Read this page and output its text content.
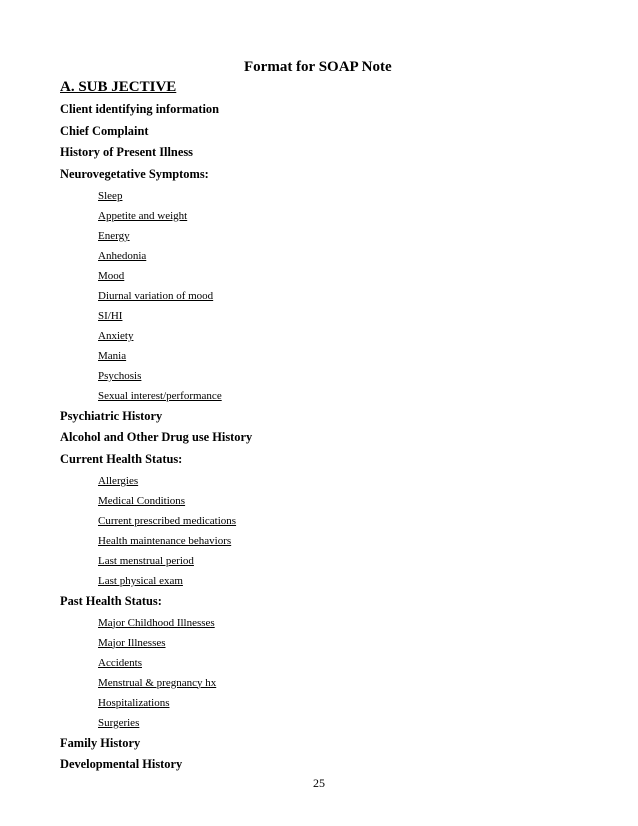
Format for SOAP Note
A. SUB JECTIVE
Client identifying information
Chief Complaint
History of Present Illness
Neurovegetative Symptoms:
Sleep
Appetite and weight
Energy
Anhedonia
Mood
Diurnal variation of mood
SI/HI
Anxiety
Mania
Psychosis
Sexual interest/performance
Psychiatric History
Alcohol and Other Drug use History
Current Health Status:
Allergies
Medical Conditions
Current prescribed medications
Health maintenance behaviors
Last menstrual period
Last physical exam
Past Health Status:
Major Childhood Illnesses
Major Illnesses
Accidents
Menstrual & pregnancy hx
Hospitalizations
Surgeries
Family History
Developmental History
25
